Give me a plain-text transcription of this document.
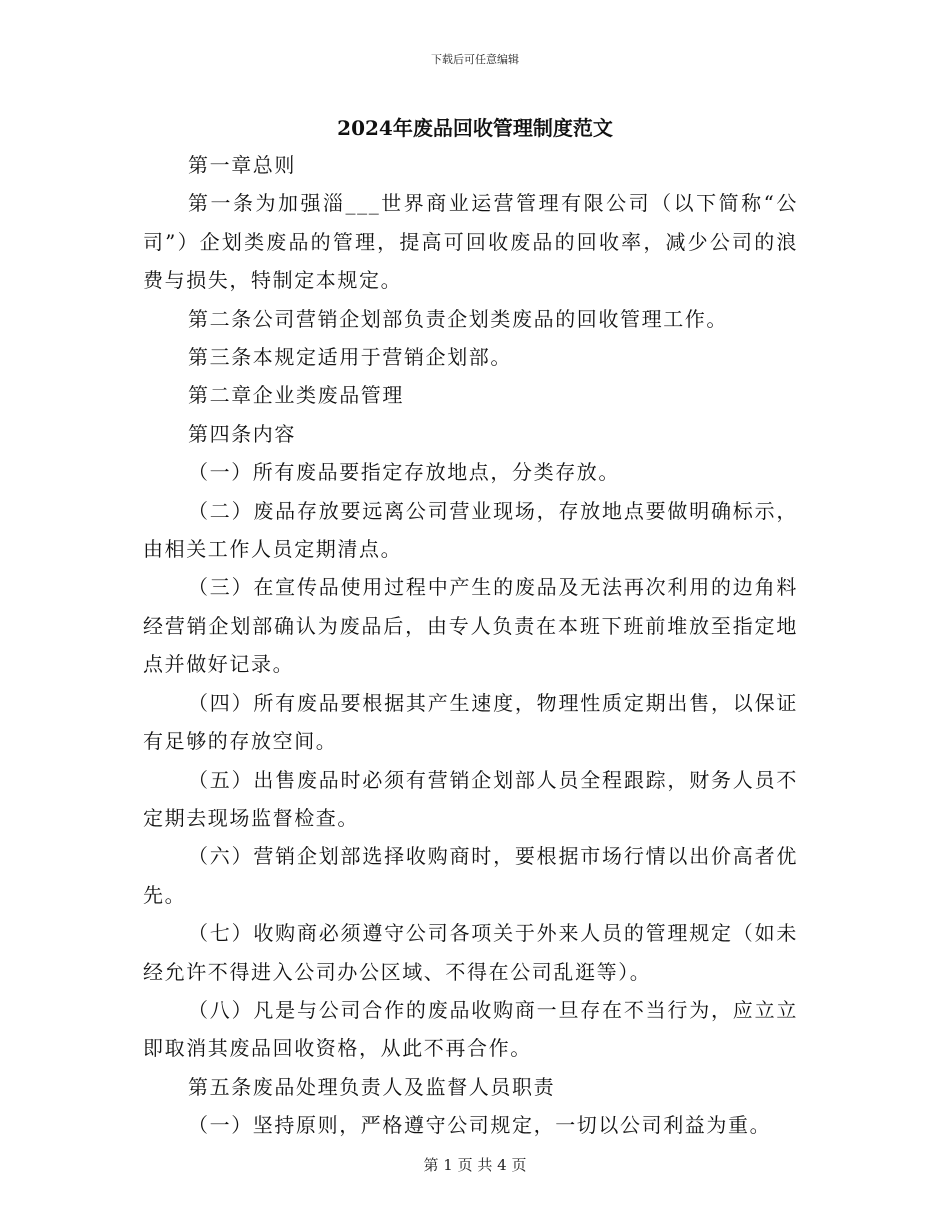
下载后可任意编辑
2024年废品回收管理制度范文

第一章总则

第一条为加强淄___世界商业运营管理有限公司（以下简称“公司”）企划类废品的管理，提高可回收废品的回收率，减少公司的浪费与损失，特制定本规定。

第二条公司营销企划部负责企划类废品的回收管理工作。

第三条本规定适用于营销企划部。

第二章企业类废品管理

第四条内容

（一）所有废品要指定存放地点，分类存放。

（二）废品存放要远离公司营业现场，存放地点要做明确标示，由相关工作人员定期清点。

（三）在宣传品使用过程中产生的废品及无法再次利用的边角料经营销企划部确认为废品后，由专人负责在本班下班前堆放至指定地点并做好记录。

（四）所有废品要根据其产生速度，物理性质定期出售，以保证有足够的存放空间。

（五）出售废品时必须有营销企划部人员全程跟踪，财务人员不定期去现场监督检查。

（六）营销企划部选择收购商时，要根据市场行情以出价高者优先。

（七）收购商必须遵守公司各项关于外来人员的管理规定（如未经允许不得进入公司办公区域、不得在公司乱逛等）。

（八）凡是与公司合作的废品收购商一旦存在不当行为，应立立即取消其废品回收资格，从此不再合作。

第五条废品处理负责人及监督人员职责

（一）坚持原则，严格遵守公司规定，一切以公司利益为重。

第 1 页 共 4 页
